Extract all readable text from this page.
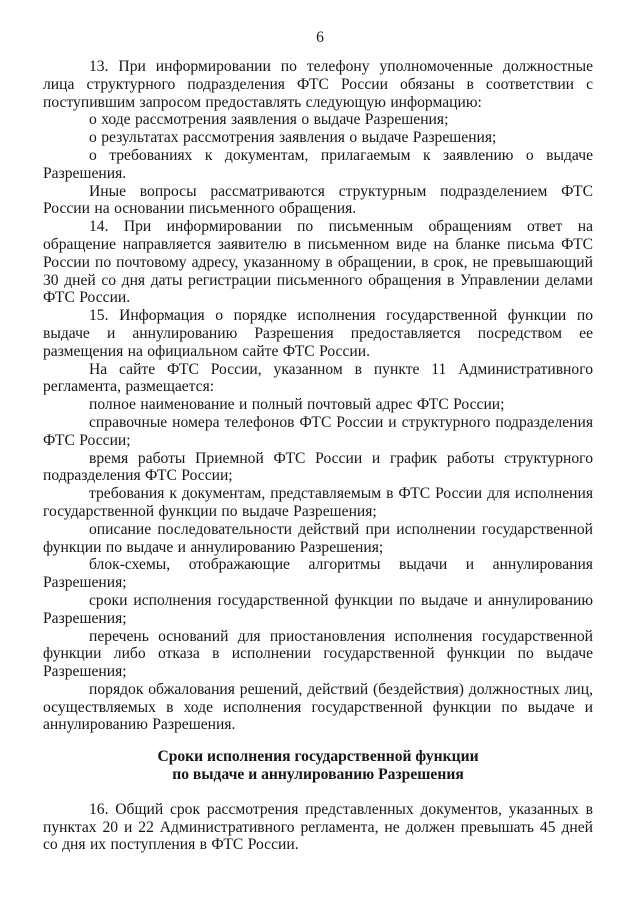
6

13. При информировании по телефону уполномоченные должностные лица структурного подразделения ФТС России обязаны в соответствии с поступившим запросом предоставлять следующую информацию:

о ходе рассмотрения заявления о выдаче Разрешения;

о результатах рассмотрения заявления о выдаче Разрешения;

о требованиях к документам, прилагаемым к заявлению о выдаче Разрешения.

Иные вопросы рассматриваются структурным подразделением ФТС России на основании письменного обращения.

14. При информировании по письменным обращениям ответ на обращение направляется заявителю в письменном виде на бланке письма ФТС России по почтовому адресу, указанному в обращении, в срок, не превышающий 30 дней со дня даты регистрации письменного обращения в Управлении делами ФТС России.

15. Информация о порядке исполнения государственной функции по выдаче и аннулированию Разрешения предоставляется посредством ее размещения на официальном сайте ФТС России.

На сайте ФТС России, указанном в пункте 11 Административного регламента, размещается:

полное наименование и полный почтовый адрес ФТС России;

справочные номера телефонов ФТС России и структурного подразделения ФТС России;

время работы Приемной ФТС России и график работы структурного подразделения ФТС России;

требования к документам, представляемым в ФТС России для исполнения государственной функции по выдаче Разрешения;

описание последовательности действий при исполнении государственной функции по выдаче и аннулированию Разрешения;

блок-схемы, отображающие алгоритмы выдачи и аннулирования Разрешения;

сроки исполнения государственной функции по выдаче и аннулированию Разрешения;

перечень оснований для приостановления исполнения государственной функции либо отказа в исполнении государственной функции по выдаче Разрешения;

порядок обжалования решений, действий (бездействия) должностных лиц, осуществляемых в ходе исполнения государственной функции по выдаче и аннулированию Разрешения.

Сроки исполнения государственной функции
по выдаче и аннулированию Разрешения

16. Общий срок рассмотрения представленных документов, указанных в пунктах 20 и 22 Административного регламента, не должен превышать 45 дней со дня их поступления в ФТС России.
